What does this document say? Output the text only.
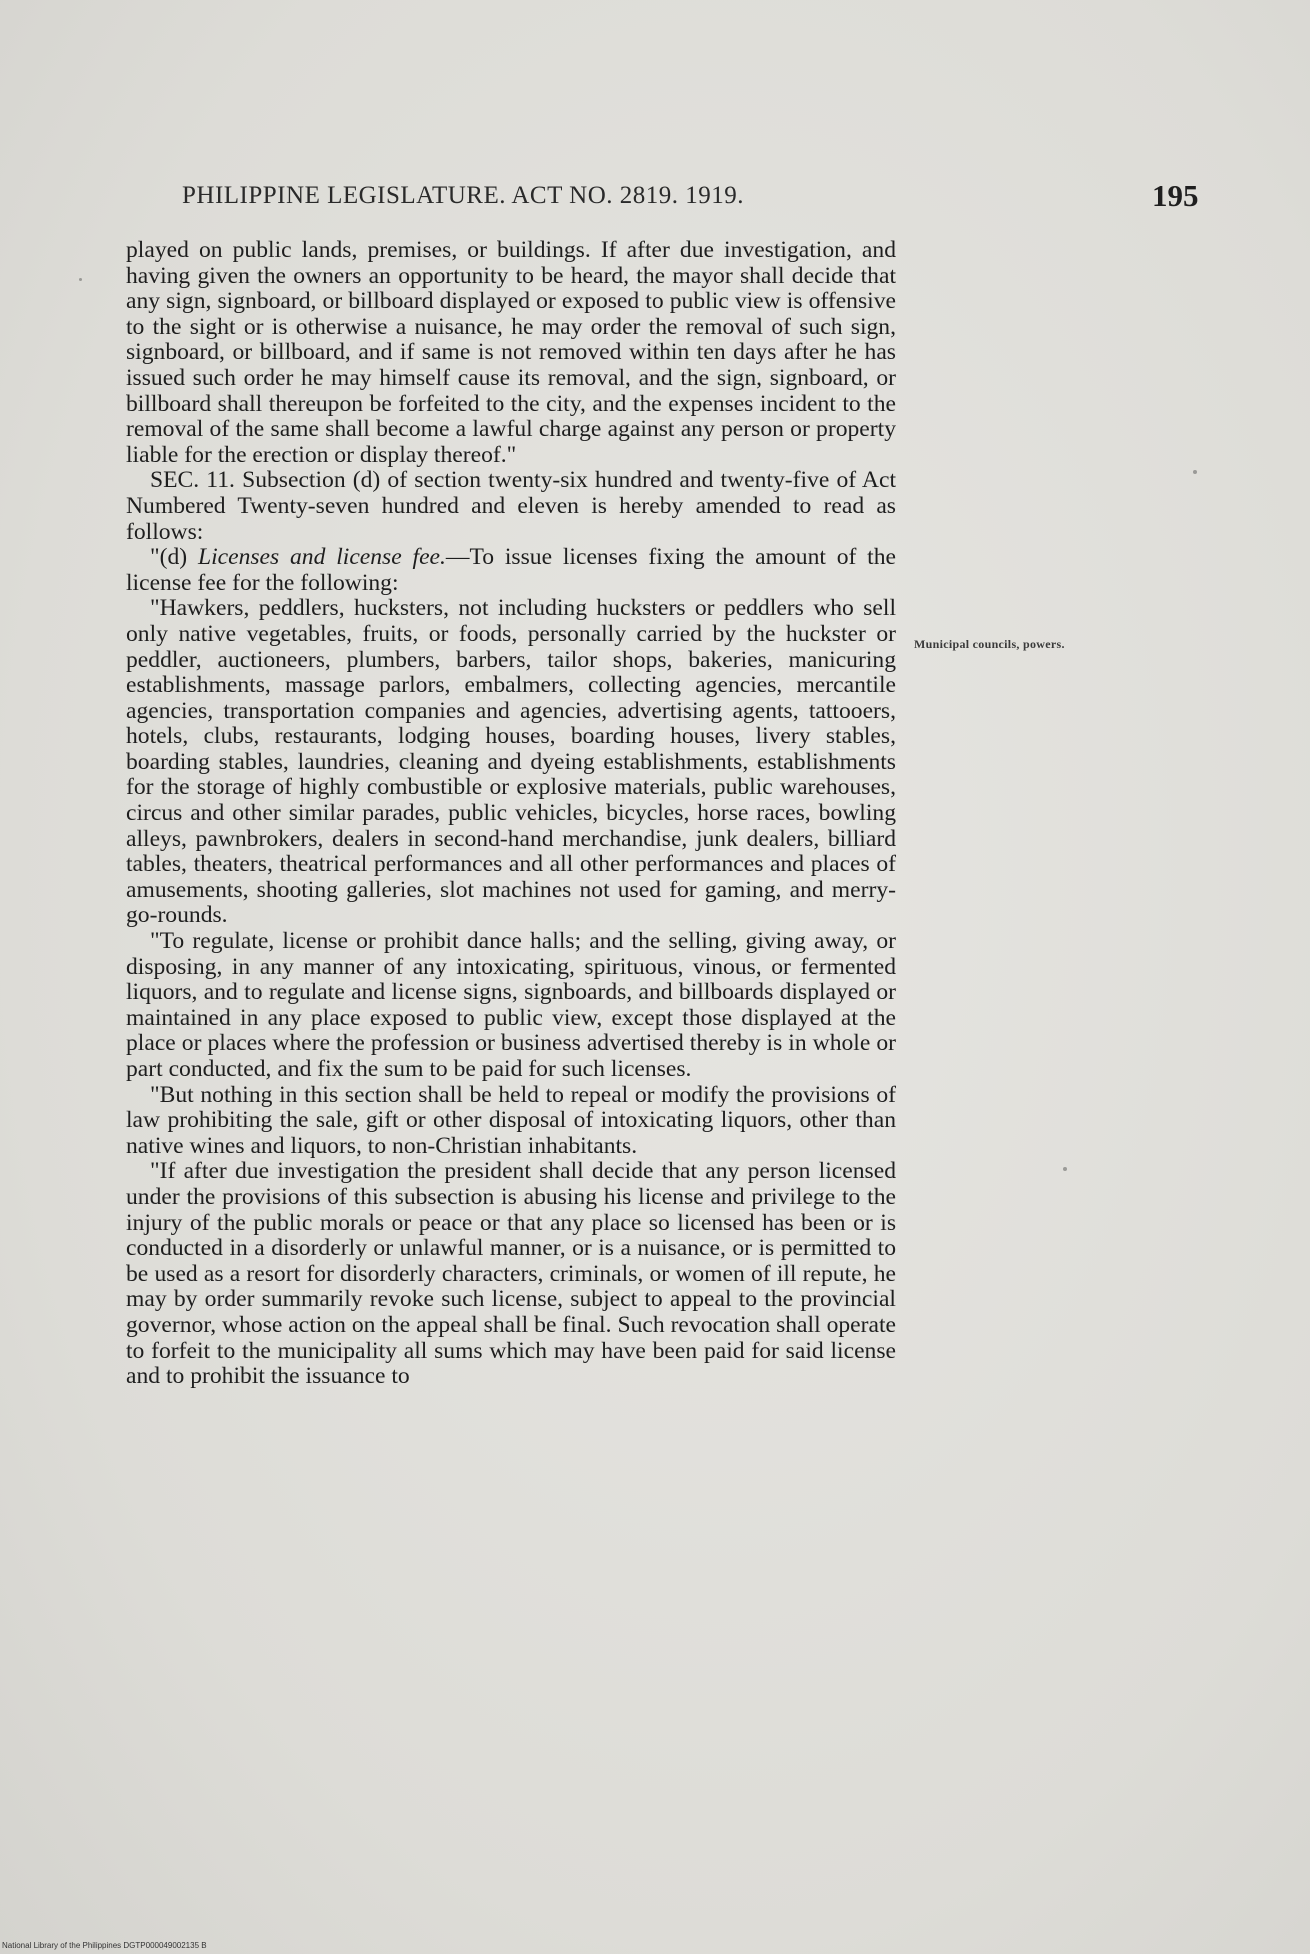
PHILIPPINE LEGISLATURE. ACT NO. 2819. 1919.	195

played on public lands, premises, or buildings. If after due investigation, and having given the owners an opportunity to be heard, the mayor shall decide that any sign, signboard, or billboard displayed or exposed to public view is offensive to the sight or is otherwise a nuisance, he may order the removal of such sign, signboard, or billboard, and if same is not removed within ten days after he has issued such order he may himself cause its removal, and the sign, signboard, or billboard shall thereupon be forfeited to the city, and the expenses incident to the removal of the same shall become a lawful charge against any person or property liable for the erection or display thereof."

SEC. 11. Subsection (d) of section twenty-six hundred and twenty-five of Act Numbered Twenty-seven hundred and eleven is hereby amended to read as follows:

"(d) Licenses and license fee.—To issue licenses fixing the amount of the license fee for the following:

"Hawkers, peddlers, hucksters, not including hucksters or peddlers who sell only native vegetables, fruits, or foods, personally carried by the huckster or peddler, auctioneers, plumbers, barbers, tailor shops, bakeries, manicuring establishments, massage parlors, embalmers, collecting agencies, mercantile agencies, transportation companies and agencies, advertising agents, tattooers, hotels, clubs, restaurants, lodging houses, boarding houses, livery stables, boarding stables, laundries, cleaning and dyeing establishments, establishments for the storage of highly combustible or explosive materials, public warehouses, circus and other similar parades, public vehicles, bicycles, horse races, bowling alleys, pawnbrokers, dealers in second-hand merchandise, junk dealers, billiard tables, theaters, theatrical performances and all other performances and places of amusements, shooting galleries, slot machines not used for gaming, and merry-go-rounds.

"To regulate, license or prohibit dance halls; and the selling, giving away, or disposing, in any manner of any intoxicating, spirituous, vinous, or fermented liquors, and to regulate and license signs, signboards, and billboards displayed or maintained in any place exposed to public view, except those displayed at the place or places where the profession or business advertised thereby is in whole or part conducted, and fix the sum to be paid for such licenses.

"But nothing in this section shall be held to repeal or modify the provisions of law prohibiting the sale, gift or other disposal of intoxicating liquors, other than native wines and liquors, to non-Christian inhabitants.

"If after due investigation the president shall decide that any person licensed under the provisions of this subsection is abusing his license and privilege to the injury of the public morals or peace or that any place so licensed has been or is conducted in a disorderly or unlawful manner, or is a nuisance, or is permitted to be used as a resort for disorderly characters, criminals, or women of ill repute, he may by order summarily revoke such license, subject to appeal to the provincial governor, whose action on the appeal shall be final. Such revocation shall operate to forfeit to the municipality all sums which may have been paid for said license and to prohibit the issuance to

Municipal councils, powers.
National Library of the Philippines DGTP000049002135 B
